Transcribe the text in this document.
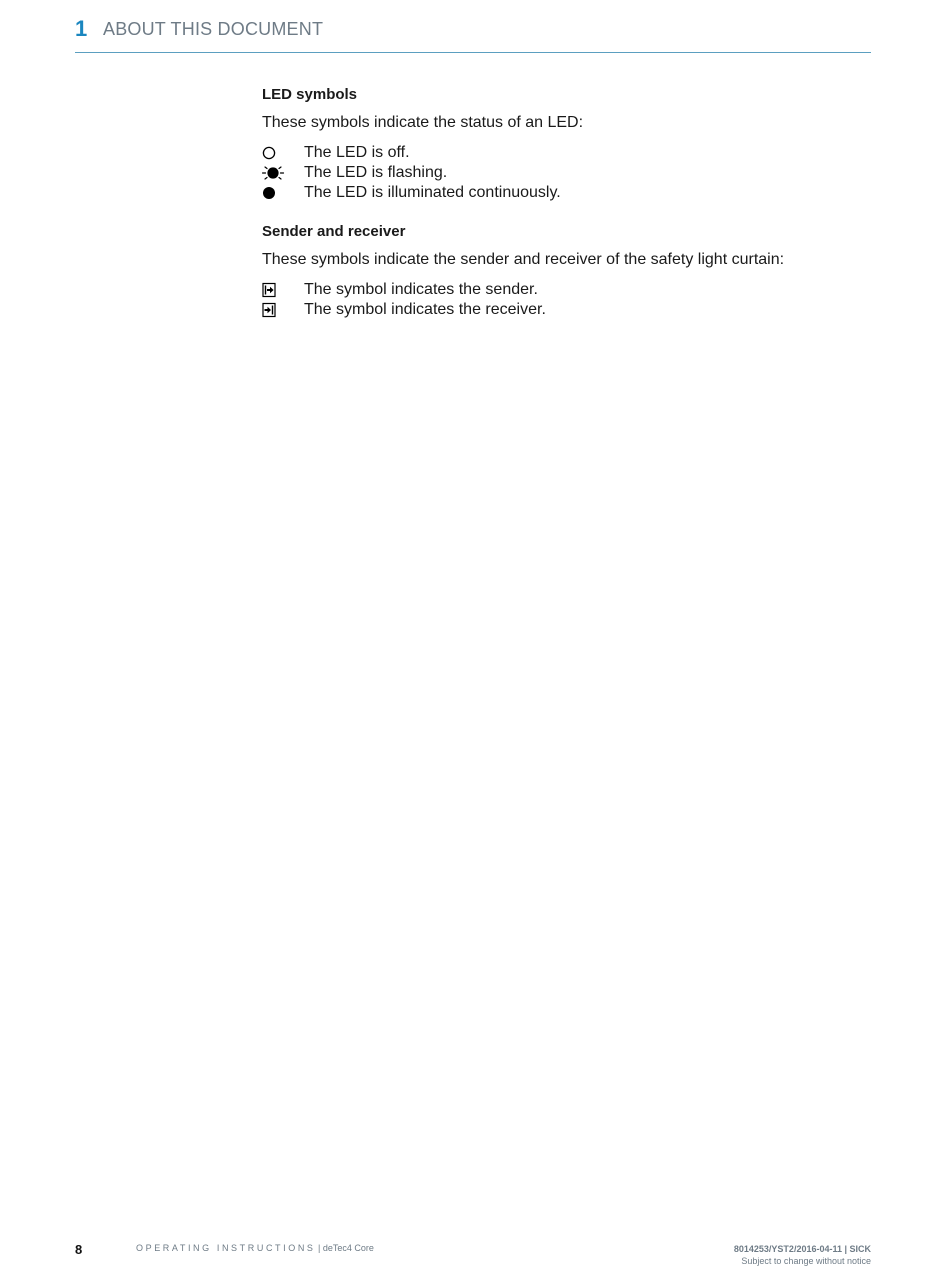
1 ABOUT THIS DOCUMENT
LED symbols

These symbols indicate the status of an LED:

The LED is off.
The LED is flashing.
The LED is illuminated continuously.
Sender and receiver

These symbols indicate the sender and receiver of the safety light curtain:

The symbol indicates the sender.
The symbol indicates the receiver.
8	OPERATING INSTRUCTIONS | deTec4 Core	8014253/YST2/2016-04-11 | SICK
Subject to change without notice
